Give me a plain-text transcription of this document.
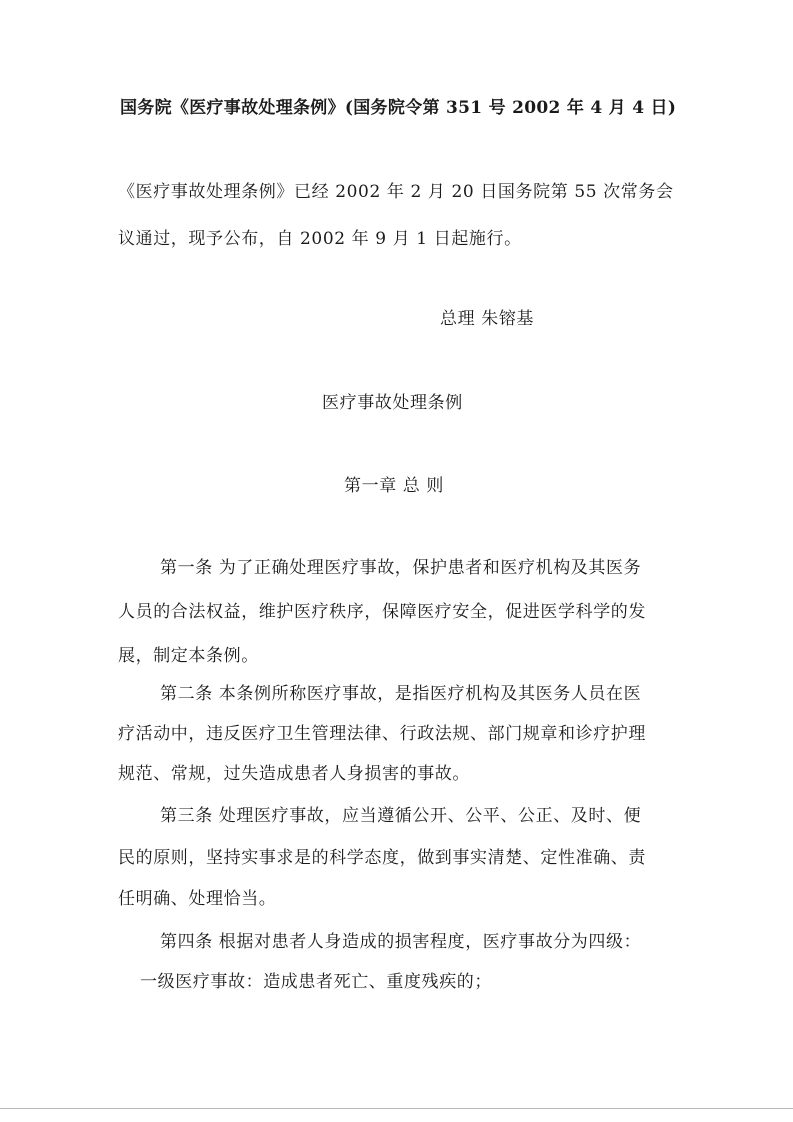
国务院《医疗事故处理条例》(国务院令第 351 号 2002 年 4 月 4 日)
《医疗事故处理条例》已经 2002 年 2 月 20 日国务院第 55 次常务会
议通过，现予公布，自 2002 年 9 月 1 日起施行。
总理 朱镕基
医疗事故处理条例
第一章 总 则
第一条 为了正确处理医疗事故，保护患者和医疗机构及其医务
人员的合法权益，维护医疗秩序，保障医疗安全，促进医学科学的发
展，制定本条例。
第二条 本条例所称医疗事故，是指医疗机构及其医务人员在医
疗活动中，违反医疗卫生管理法律、行政法规、部门规章和诊疗护理
规范、常规，过失造成患者人身损害的事故。
第三条 处理医疗事故，应当遵循公开、公平、公正、及时、便
民的原则，坚持实事求是的科学态度，做到事实清楚、定性准确、责
任明确、处理恰当。
第四条 根据对患者人身造成的损害程度，医疗事故分为四级：
一级医疗事故：造成患者死亡、重度残疾的；
